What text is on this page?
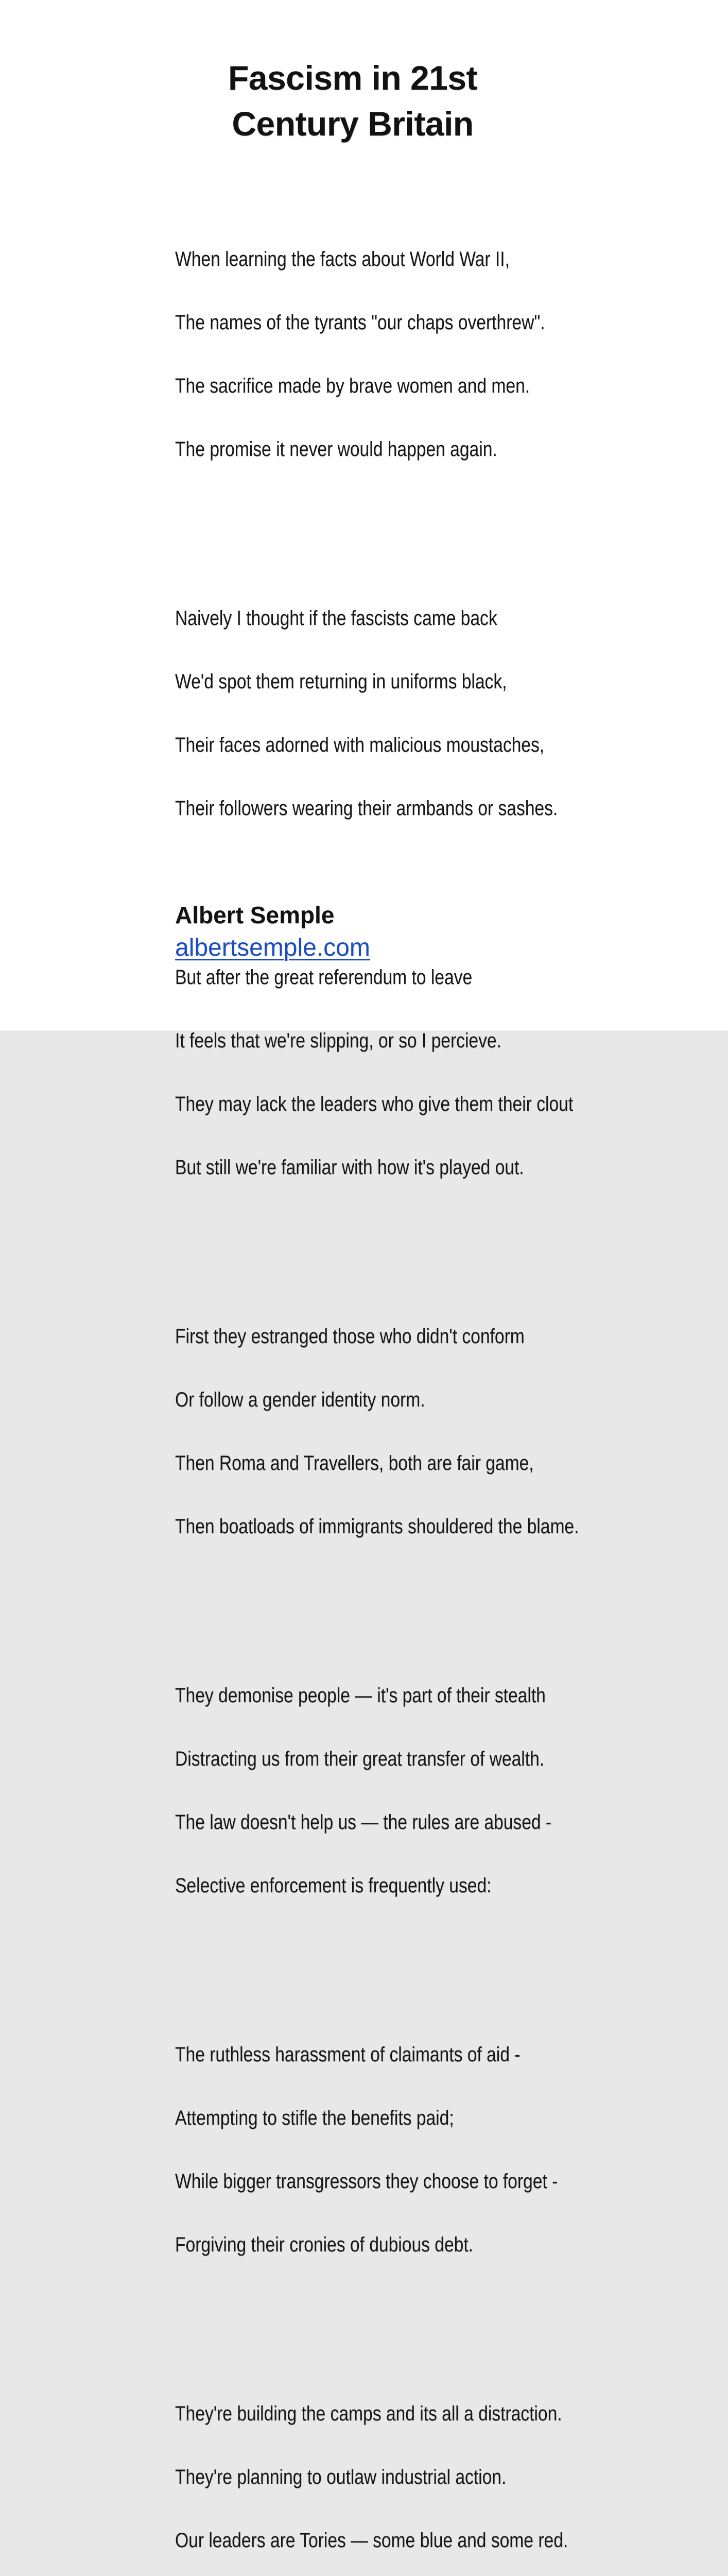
Fascism in 21st
Century Britain

When learning the facts about World War II,

The names of the tyrants "our chaps overthrew".

The sacrifice made by brave women and men.

The promise it never would happen again.

Naively I thought if the fascists came back

We'd spot them returning in uniforms black,

Their faces adorned with malicious moustaches,

Their followers wearing their armbands or sashes.

But after the great referendum to leave

It feels that we're slipping, or so I percieve.

They may lack the leaders who give them their clout

But still we're familiar with how it's played out.

First they estranged those who didn't conform

Or follow a gender identity norm.

Then Roma and Travellers, both are fair game,

Then boatloads of immigrants shouldered the blame.

They demonise people — it's part of their stealth

Distracting us from their great transfer of wealth.

The law doesn't help us — the rules are abused -

Selective enforcement is frequently used:

The ruthless harassment of claimants of aid -

Attempting to stifle the benefits paid;

While bigger transgressors they choose to forget -

Forgiving their cronies of dubious debt.

They're building the camps and its all a distraction.

They're planning to outlaw industrial action.

Our leaders are Tories — some blue and some red.

Albert Semple
albertsemple.com
